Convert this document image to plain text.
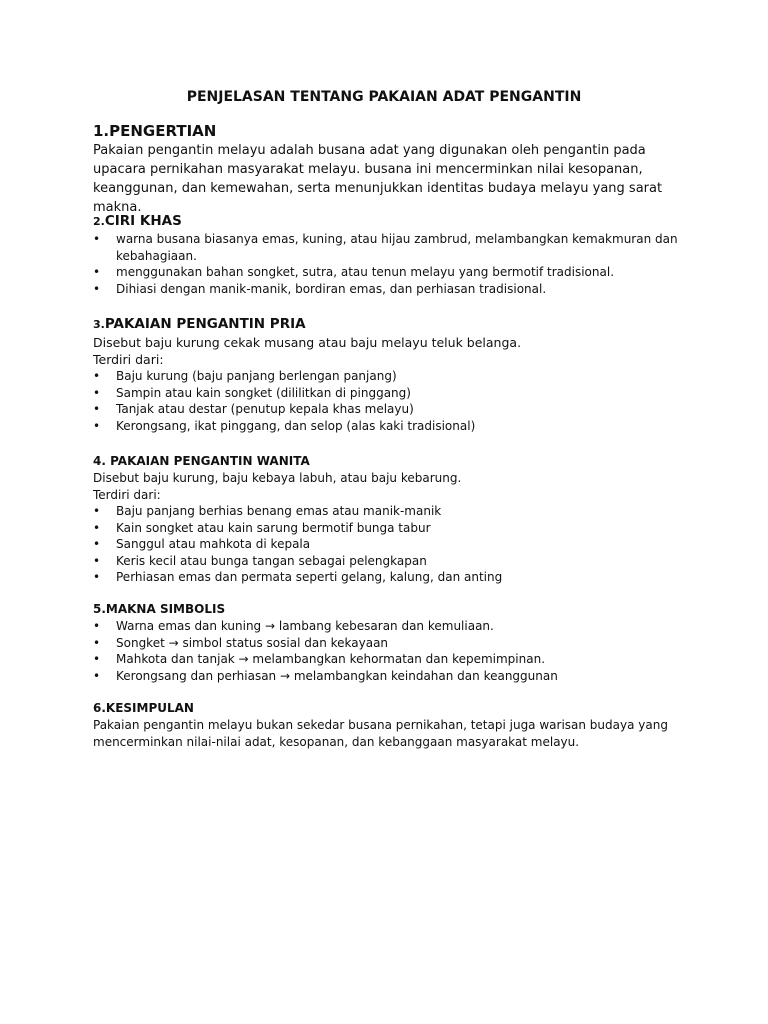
PENJELASAN TENTANG PAKAIAN ADAT PENGANTIN
1.PENGERTIAN

Pakaian pengantin melayu adalah busana adat yang digunakan oleh pengantin pada upacara pernikahan masyarakat melayu. busana ini mencerminkan nilai kesopanan, keanggunan, dan kemewahan, serta menunjukkan identitas budaya melayu yang sarat makna.

2.CIRI KHAS
• warna busana biasanya emas, kuning, atau hijau zambrud, melambangkan kemakmuran dan kebahagiaan.
• menggunakan bahan songket, sutra, atau tenun melayu yang bermotif tradisional.
• Dihiasi dengan manik-manik, bordiran emas, dan perhiasan tradisional.
3.PAKAIAN PENGANTIN PRIA

Disebut baju kurung cekak musang atau baju melayu teluk belanga.

Terdiri dari:

• Baju kurung (baju panjang berlengan panjang)
• Sampin atau kain songket (dililitkan di pinggang)
• Tanjak atau destar (penutup kepala khas melayu)
• Kerongsang, ikat pinggang, dan selop (alas kaki tradisional)
4. PAKAIAN PENGANTIN WANITA

Disebut baju kurung, baju kebaya labuh, atau baju kebarung.

Terdiri dari:

• Baju panjang berhias benang emas atau manik-manik
• Kain songket atau kain sarung bermotif bunga tabur
• Sanggul atau mahkota di kepala
• Keris kecil atau bunga tangan sebagai pelengkapan
• Perhiasan emas dan permata seperti gelang, kalung, dan anting
5.MAKNA SIMBOLIS
• Warna emas dan kuning → lambang kebesaran dan kemuliaan.
• Songket → simbol status sosial dan kekayaan
• Mahkota dan tanjak → melambangkan kehormatan dan kepemimpinan.
• Kerongsang dan perhiasan → melambangkan keindahan dan keanggunan
6.KESIMPULAN

Pakaian pengantin melayu bukan sekedar busana pernikahan, tetapi juga warisan budaya yang mencerminkan nilai-nilai adat, kesopanan, dan kebanggaan masyarakat melayu.
